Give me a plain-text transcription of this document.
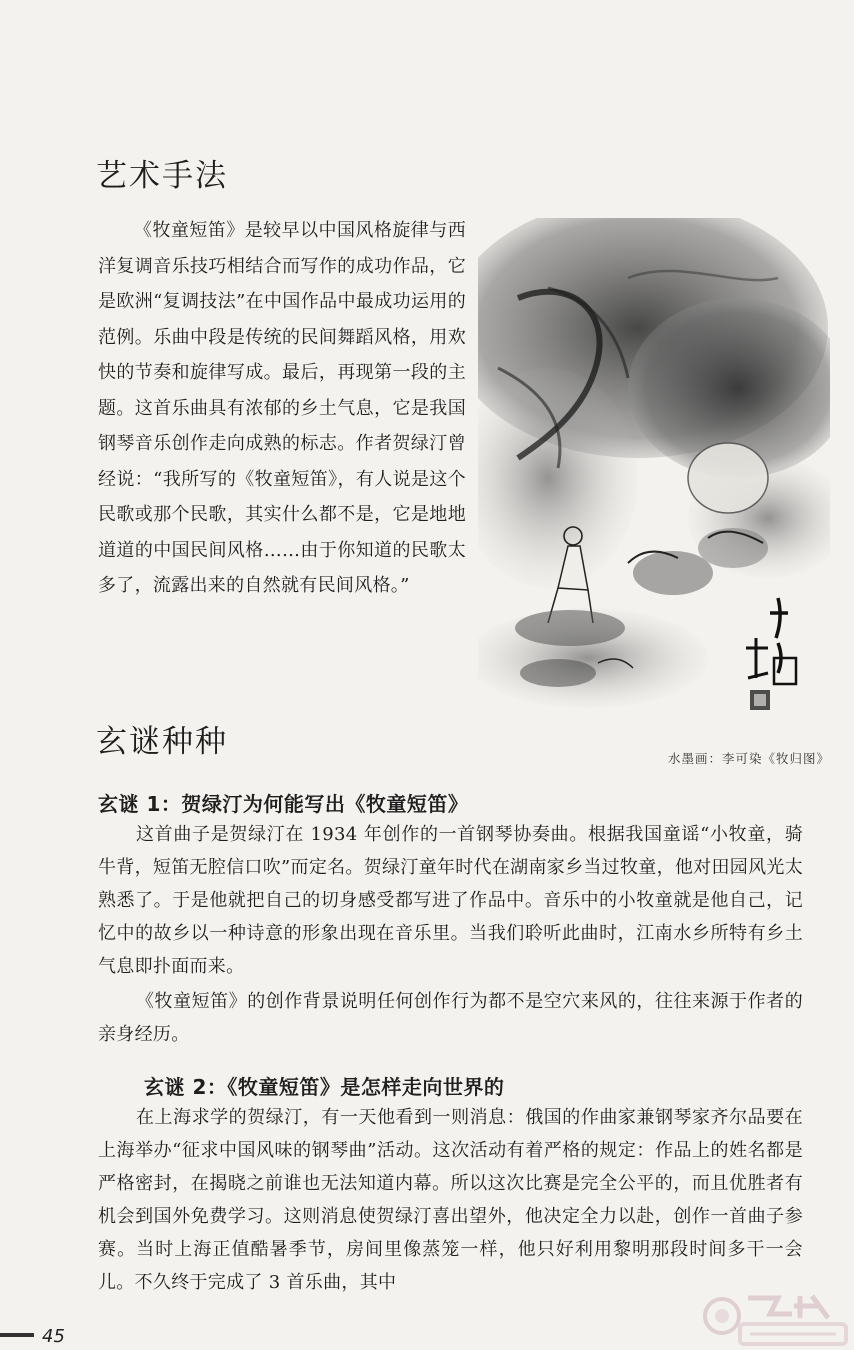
艺术手法

《牧童短笛》是较早以中国风格旋律与西洋复调音乐技巧相结合而写作的成功作品，它是欧洲“复调技法”在中国作品中最成功运用的范例。乐曲中段是传统的民间舞蹈风格，用欢快的节奏和旋律写成。最后，再现第一段的主题。这首乐曲具有浓郁的乡土气息，它是我国钢琴音乐创作走向成熟的标志。作者贺绿汀曾经说：“我所写的《牧童短笛》，有人说是这个民歌或那个民歌，其实什么都不是，它是地地道道的中国民间风格……由于你知道的民歌太多了，流露出来的自然就有民间风格。”

水墨画：李可染《牧归图》
玄谜种种
玄谜 1：贺绿汀为何能写出《牧童短笛》

这首曲子是贺绿汀在 1934 年创作的一首钢琴协奏曲。根据我国童谣“小牧童，骑牛背，短笛无腔信口吹”而定名。贺绿汀童年时代在湖南家乡当过牧童，他对田园风光太熟悉了。于是他就把自己的切身感受都写进了作品中。音乐中的小牧童就是他自己，记忆中的故乡以一种诗意的形象出现在音乐里。当我们聆听此曲时，江南水乡所特有乡土气息即扑面而来。

《牧童短笛》的创作背景说明任何创作行为都不是空穴来风的，往往来源于作者的亲身经历。

玄谜 2：《牧童短笛》是怎样走向世界的

在上海求学的贺绿汀，有一天他看到一则消息：俄国的作曲家兼钢琴家齐尔品要在上海举办“征求中国风味的钢琴曲”活动。这次活动有着严格的规定：作品上的姓名都是严格密封，在揭晓之前谁也无法知道内幕。所以这次比赛是完全公平的，而且优胜者有机会到国外免费学习。这则消息使贺绿汀喜出望外，他决定全力以赴，创作一首曲子参赛。当时上海正值酷暑季节，房间里像蒸笼一样，他只好利用黎明那段时间多干一会儿。不久终于完成了 3 首乐曲，其中

45
